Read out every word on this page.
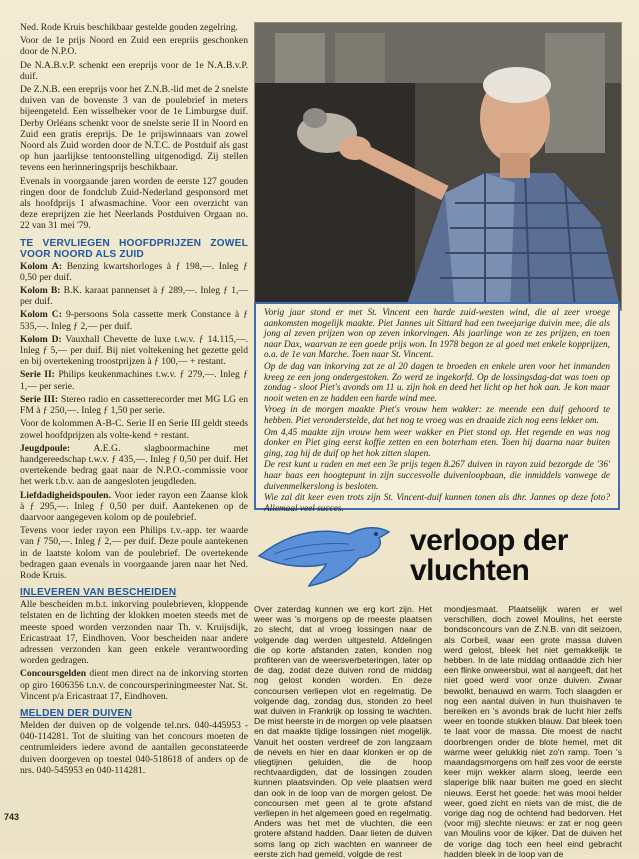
Ned. Rode Kruis beschikbaar gestelde gouden zegelring.

Voor de 1e prijs Noord en Zuid een erepriis geschonken door de N.P.O.

De N.A.B.v.P. schenkt een ereprijs voor de 1e N.A.B.v.P. duif.

De Z.N.B. een ereprijs voor het Z.N.B.-lid met de 2 snelste duiven van de bovenste 3 van de poulebrief in meters bijeengeteld. Een wisselbeker voor de 1e Limburgse duif. Derby Orléans schenkt voor de snelste serie II in Noord en Zuid een gratis ereprijs. De 1e prijswinnaars van zowel Noord als Zuid worden door de N.T.C. de Postduif als gast op hun jaarlijkse tentoonstelling uitgenodigd. Zij stellen tevens een herinneringsprijs beschikbaar.

Evenals in voorgaande jaren worden de eerste 127 gouden ringen door de fondclub Zuid-Nederland gesponsord met als hoofdprijs 1 afwasmachine. Voor een overzicht van deze ereprijzen zie het Neerlands Postduiven Orgaan no. 22 van 31 mei '79.

TE VERVLIEGEN HOOFDPRIJZEN ZOWEL VOOR NOORD ALS ZUID

Kolom A: Benzing kwartshorloges à ƒ 198,—. Inleg ƒ 0,50 per duif.

Kolom B: B.K. karaat pannenset à ƒ 289,—. Inleg ƒ 1,— per duif.

Kolom C: 9-persoons Sola cassette merk Constance à ƒ 535,—. Inleg ƒ 2,— per duif.

Kolom D: Vauxhall Chevette de luxe t.w.v. ƒ 14.115,—. Inleg ƒ 5,— per duif. Bij niet voltekening het gezette geld en bij overtekening troostprijzen à ƒ 100,— + restant.

Serie II: Philips keukenmachines t.w.v. ƒ 279,—. Inleg ƒ 1,— per serie.

Serie III: Stereo radio en cassetterecorder met MG LG en FM à ƒ 250,—. Inleg ƒ 1,50 per serie.

Voor de kolommen A-B-C. Serie II en Serie III geldt steeds zowel hoofdprijzen als volte-kend + restant.

Jeugdpoule: A.E.G. slagboormachine met handgereedschap t.w.v. ƒ 435,—. Inleg ƒ 0,50 per duif. Het overtekende bedrag gaat naar de N.P.O.-commissie voor het werk t.b.v. aan de aangesloten jeugdleden.

Liefdadigheidspoulen. Voor ieder rayon een Zaanse klok à ƒ 295,—. Inleg ƒ 0,50 per duif. Aantekenen op de daarvoor aangegeven kolom op de poulebrief.

Tevens voor ieder rayon een Philips t.v.-app. ter waarde van ƒ 750,—. Inleg ƒ 2,— per duif. Deze poule aantekenen in de laatste kolom van de poulebrief. De overtekende bedragen gaan evenals in voorgaande jaren naar het Ned. Rode Kruis.

INLEVEREN VAN BESCHEIDEN

Alle bescheiden m.b.t. inkorving poulebrieven, kloppende telstaten en de lichting der klokken moeten steeds met de meeste spoed worden verzonden naar Th. v. Kruijsdijk, Ericastraat 17, Eindhoven. Voor bescheiden naar andere adressen verzonden kan geen enkele verantwoording worden gedragen.

Concoursgelden dient men direct na de inkorving storten op giro 1606356 t.n.v. de concoursperiningmeester Nat. St. Vincent p/a Ericastraat 17, Eindhoven.

MELDEN DER DUIVEN

Melden der duiven op de volgende tel.nrs. 040-445953 - 040-114281. Tot de sluiting van het concours moeten de centrumleiders iedere avond de aantallen geconstateerde duiven doorgeven op toestel 040-518618 of anders op de nrs. 040-545953 en 040-114281.

Vorig jaar stond er met St. Vincent een harde zuid-westen wind, die al zeer vroege aankomsten mogelijk maakte. Piet Jannes uit Sittard had een tweejarige duivin mee, die als jong al zeven prijzen won op zeven inkorvingen. Als jaarlinge won ze zes prijzen, en toen naar Dax, waarvan ze een goede prijs won. In 1978 begon ze al goed met enkele kopprijzen, o.a. de 1e van Marche. Toen naar St. Vincent.

Op de dag van inkorving zat ze al 20 dagen te broeden en enkele uren voor het inmanden kreeg ze een jong ondergestoken. Zo werd ze ingekorfd. Op de lossingsdag-dat was toen op zondag - sloot Piet's avonds om 11 u. zijn hok en deed het licht op het hok aan. Je kon maar nooit weten en ze hadden een harde wind mee.

Vroeg in de morgen maakte Piet's vrouw hem wakker: ze meende een duif gehoord te hebben. Piet veronderstelde, dat het nog te vroeg was en draaide zich nog eens lekker om.

Om 4,45 maakte zijn vrouw hem weer wakker en Piet stond op. Het regende en was nog donker en Piet ging eerst koffie zetten en een boterham eten. Toen hij daarna naar buiten ging, zag hij de duif op het hok zitten slapen.

De rest kunt u raden en met een 3e prijs tegen 8.267 duiven in rayon zuid bezorgde de '36' haar baas een hoogtepunt in zijn succesvolle duivenloopbaan, die inmiddels vanwege de duivenmelkerslong is besloten.

Wie zal dit keer even trots zijn St. Vincent-duif kunnen tonen als dhr. Jannes op deze foto? Allemaal veel succes.

verloop der
vluchten

Over zaterdag kunnen we erg kort zijn. Het weer was 's morgens op de meeste plaatsen zo slecht, dat al vroeg lossingen naar de volgende dag werden uitgesteld. Afdelingen die op korte afstanden zaten, konden nog profiteren van de weersverbeteringen, later op de dag, zodat deze duiven rond de middag nog gelost konden worden. En deze concoursen verliepen vlot en regelmatig. De volgende dag, zondag dus, stonden zo heel wat duiven in Frankrijk op lossing te wachten. De mist heerste in de morgen op vele plaatsen en dat maakte tijdige lossingen niet mogelijk. Vanuit het oosten verdreef de zon langzaam de nevels en hier en daar klonken er op de vliegtijnen geluiden, die de hoop rechtvaardigden, dat de lossingen zouden kunnen plaatsvinden. Op vele plaatsen werd dan ook in de loop van de morgen gelost. De concoursen met geen al te grote afstand verliepen in het algemeen goed en regelmatig. Anders was het met de vluchten, die een grotere afstand hadden. Daar lieten de duiven soms lang op zich wachten en wanneer de eerste zich had gemeld, volgde de rest

mondjesmaat. Plaatselijk waren er wel verschillen, doch zowel Moulins, het eerste bondsconcours van de Z.N.B. van dit seizoen, als Corbeil, waar een grote massa duiven werd gelost, bleek het niet gemakkelijk te hebben. In de late middag ontlaadde zich hier een flinke onweersbui, wat al aangeeft, dat het niet goed werd voor onze duiven. Zwaar bewolkt, benauwd en warm. Toch slaagden er nog een aantal duiven in hun thuishaven te bereiken en 's avonds brak de lucht hier zelfs weer en toonde stukken blauw. Dat bleek toen te laat voor de massa. Die moest de nacht doorbrengen onder de blote hemel, met dit warme weer gelukkig niet zo'n ramp. Toen 's maandagsmorgens om half zes voor de eerste keer mijn wekker alarm sloeg, leerde een slaperige blik naar buiten me goed en slecht nieuws. Eerst het goede: het was mooi helder weer, goed zicht en niets van de mist, die de vorige dag nog de ochtend had bedorven. Het (voor mij) slechte nieuws: er zat er nog geen van Moulins voor de kijker. Dat de duiven het de vorige dag toch een heel eind gebracht hadden bleek in de loop van de

743
